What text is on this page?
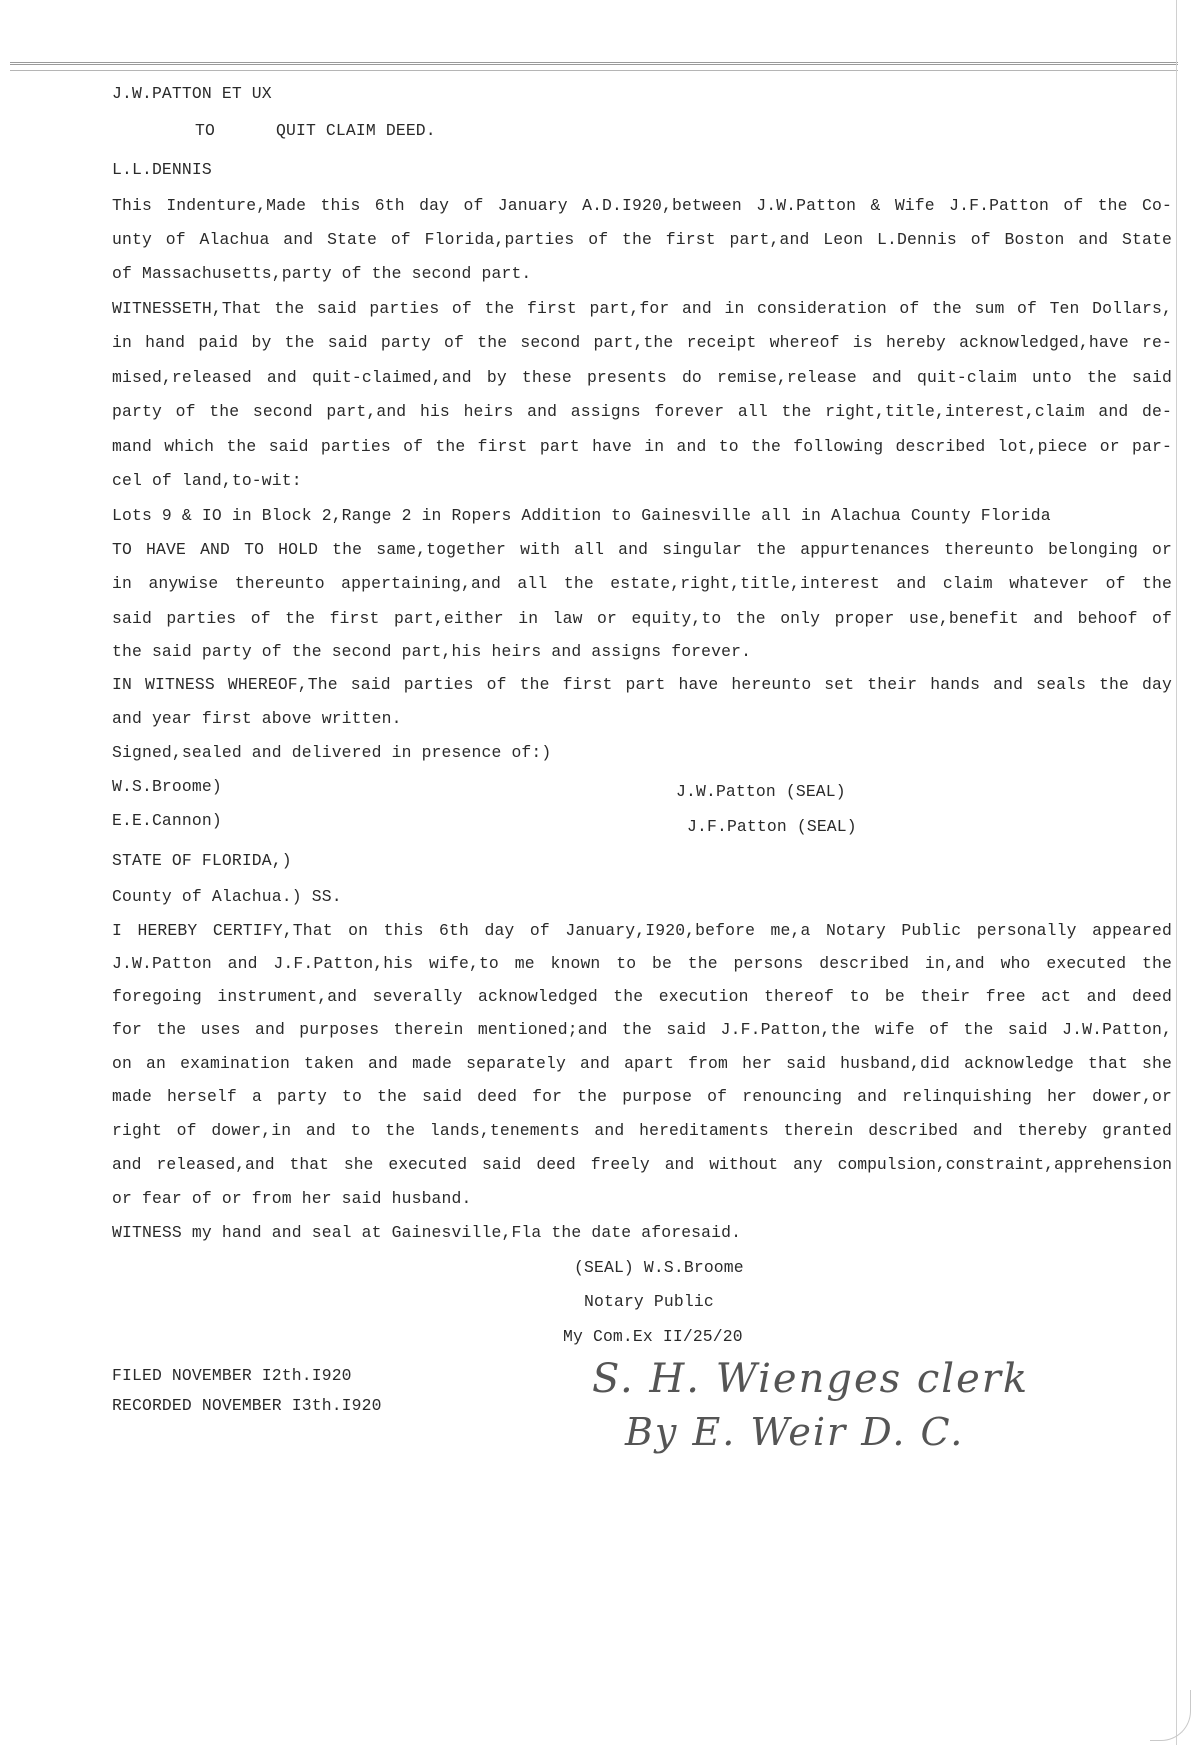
J.W.PATTON ET UX
TO	QUIT CLAIM DEED.
L.L.DENNIS
This Indenture,Made this 6th day of January A.D.I920,between J.W.Patton & Wife J.F.Patton of the Co-
unty of Alachua and State of Florida,parties of the first part,and Leon L.Dennis of Boston and State
of Massachusetts,party of the second part.
WITNESSETH,That the said parties of the first part,for and in consideration of the sum of Ten Dollars,
in hand paid by the said party of the second part,the receipt whereof is hereby acknowledged,have re-
mised,released and quit-claimed,and by these presents do remise,release and quit-claim unto the said
party of the second part,and his heirs and assigns forever all the right,title,interest,claim and de-
mand which the said parties of the first part have in and to the following described lot,piece or par-
cel of land,to-wit:
Lots 9 & IO in Block 2,Range 2 in Ropers Addition to Gainesville all in Alachua County Florida
TO HAVE AND TO HOLD the same,together with all and singular the appurtenances thereunto belonging or
in anywise thereunto appertaining,and all the estate,right,title,interest and claim whatever of the
said parties of the first part,either in law or equity,to the only proper use,benefit and behoof of
the said party of the second part,his heirs and assigns forever.
IN WITNESS WHEREOF,The said parties of the first part have hereunto set their hands and seals the day
and year first above written.
Signed,sealed and delivered in presence of:)
W.S.Broome)	J.W.Patton (SEAL)
E.E.Cannon)	J.F.Patton (SEAL)
STATE OF FLORIDA,)
County of Alachua.) SS.
I HEREBY CERTIFY,That on this 6th day of January,I920,before me,a Notary Public personally appeared
J.W.Patton and J.F.Patton,his wife,to me known to be the persons described in,and who executed the
foregoing instrument,and severally acknowledged the execution thereof to be their free act and deed
for the uses and purposes therein mentioned;and the said J.F.Patton,the wife of the said J.W.Patton,
on an examination taken and made separately and apart from her said husband,did acknowledge that she
made herself a party to the said deed for the purpose of renouncing and relinquishing her dower,or
right of dower,in and to the lands,tenements and hereditaments therein described and thereby granted
and released,and that she executed said deed freely and without any compulsion,constraint,apprehension
or fear of or from her said husband.
WITNESS my hand and seal at Gainesville,Fla the date aforesaid.
(SEAL) W.S.Broome
Notary Public
My Com.Ex II/25/20
FILED NOVEMBER I2th.I920
RECORDED NOVEMBER I3th.I920
S. H. Wienges clerk
By E. Weir D. C.
